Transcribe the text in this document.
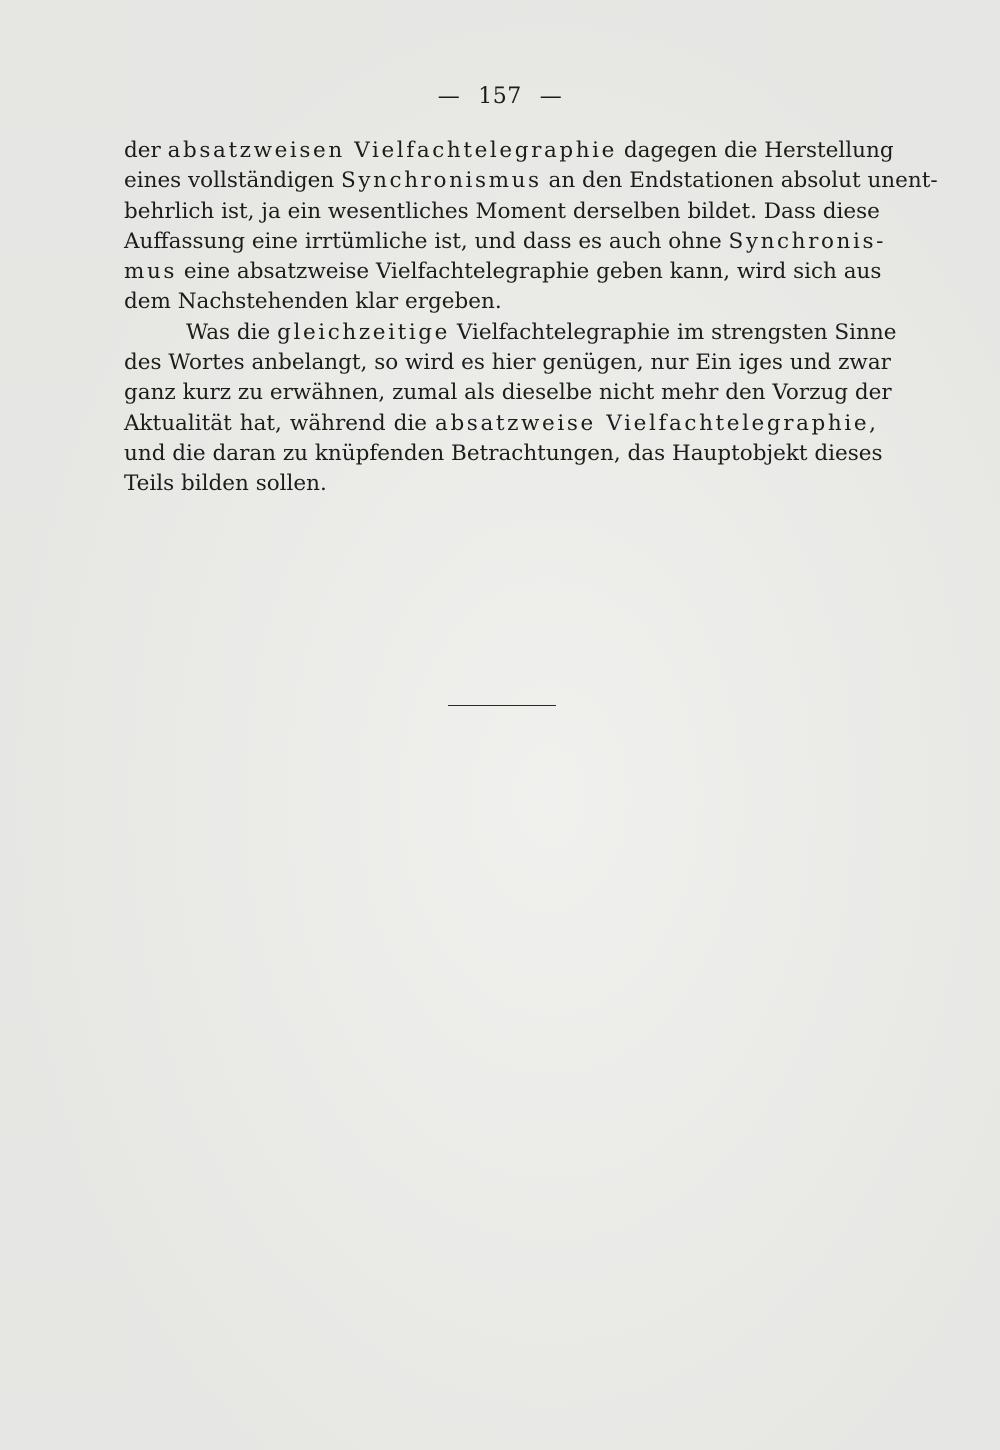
— 157 —
der absatzweisen Vielfachtelegraphie dagegen die Herstellung
eines vollständigen Synchronismus an den Endstationen absolut unent-
behrlich ist, ja ein wesentliches Moment derselben bildet. Dass diese
Auffassung eine irrtümliche ist, und dass es auch ohne Synchronis-
mus eine absatzweise Vielfachtelegraphie geben kann, wird sich aus
dem Nachstehenden klar ergeben.
Was die gleichzeitige Vielfachtelegraphie im strengsten Sinne
des Wortes anbelangt, so wird es hier genügen, nur Ein iges und zwar
ganz kurz zu erwähnen, zumal als dieselbe nicht mehr den Vorzug der
Aktualität hat, während die absatzweise Vielfachtelegraphie,
und die daran zu knüpfenden Betrachtungen, das Hauptobjekt dieses
Teils bilden sollen.
